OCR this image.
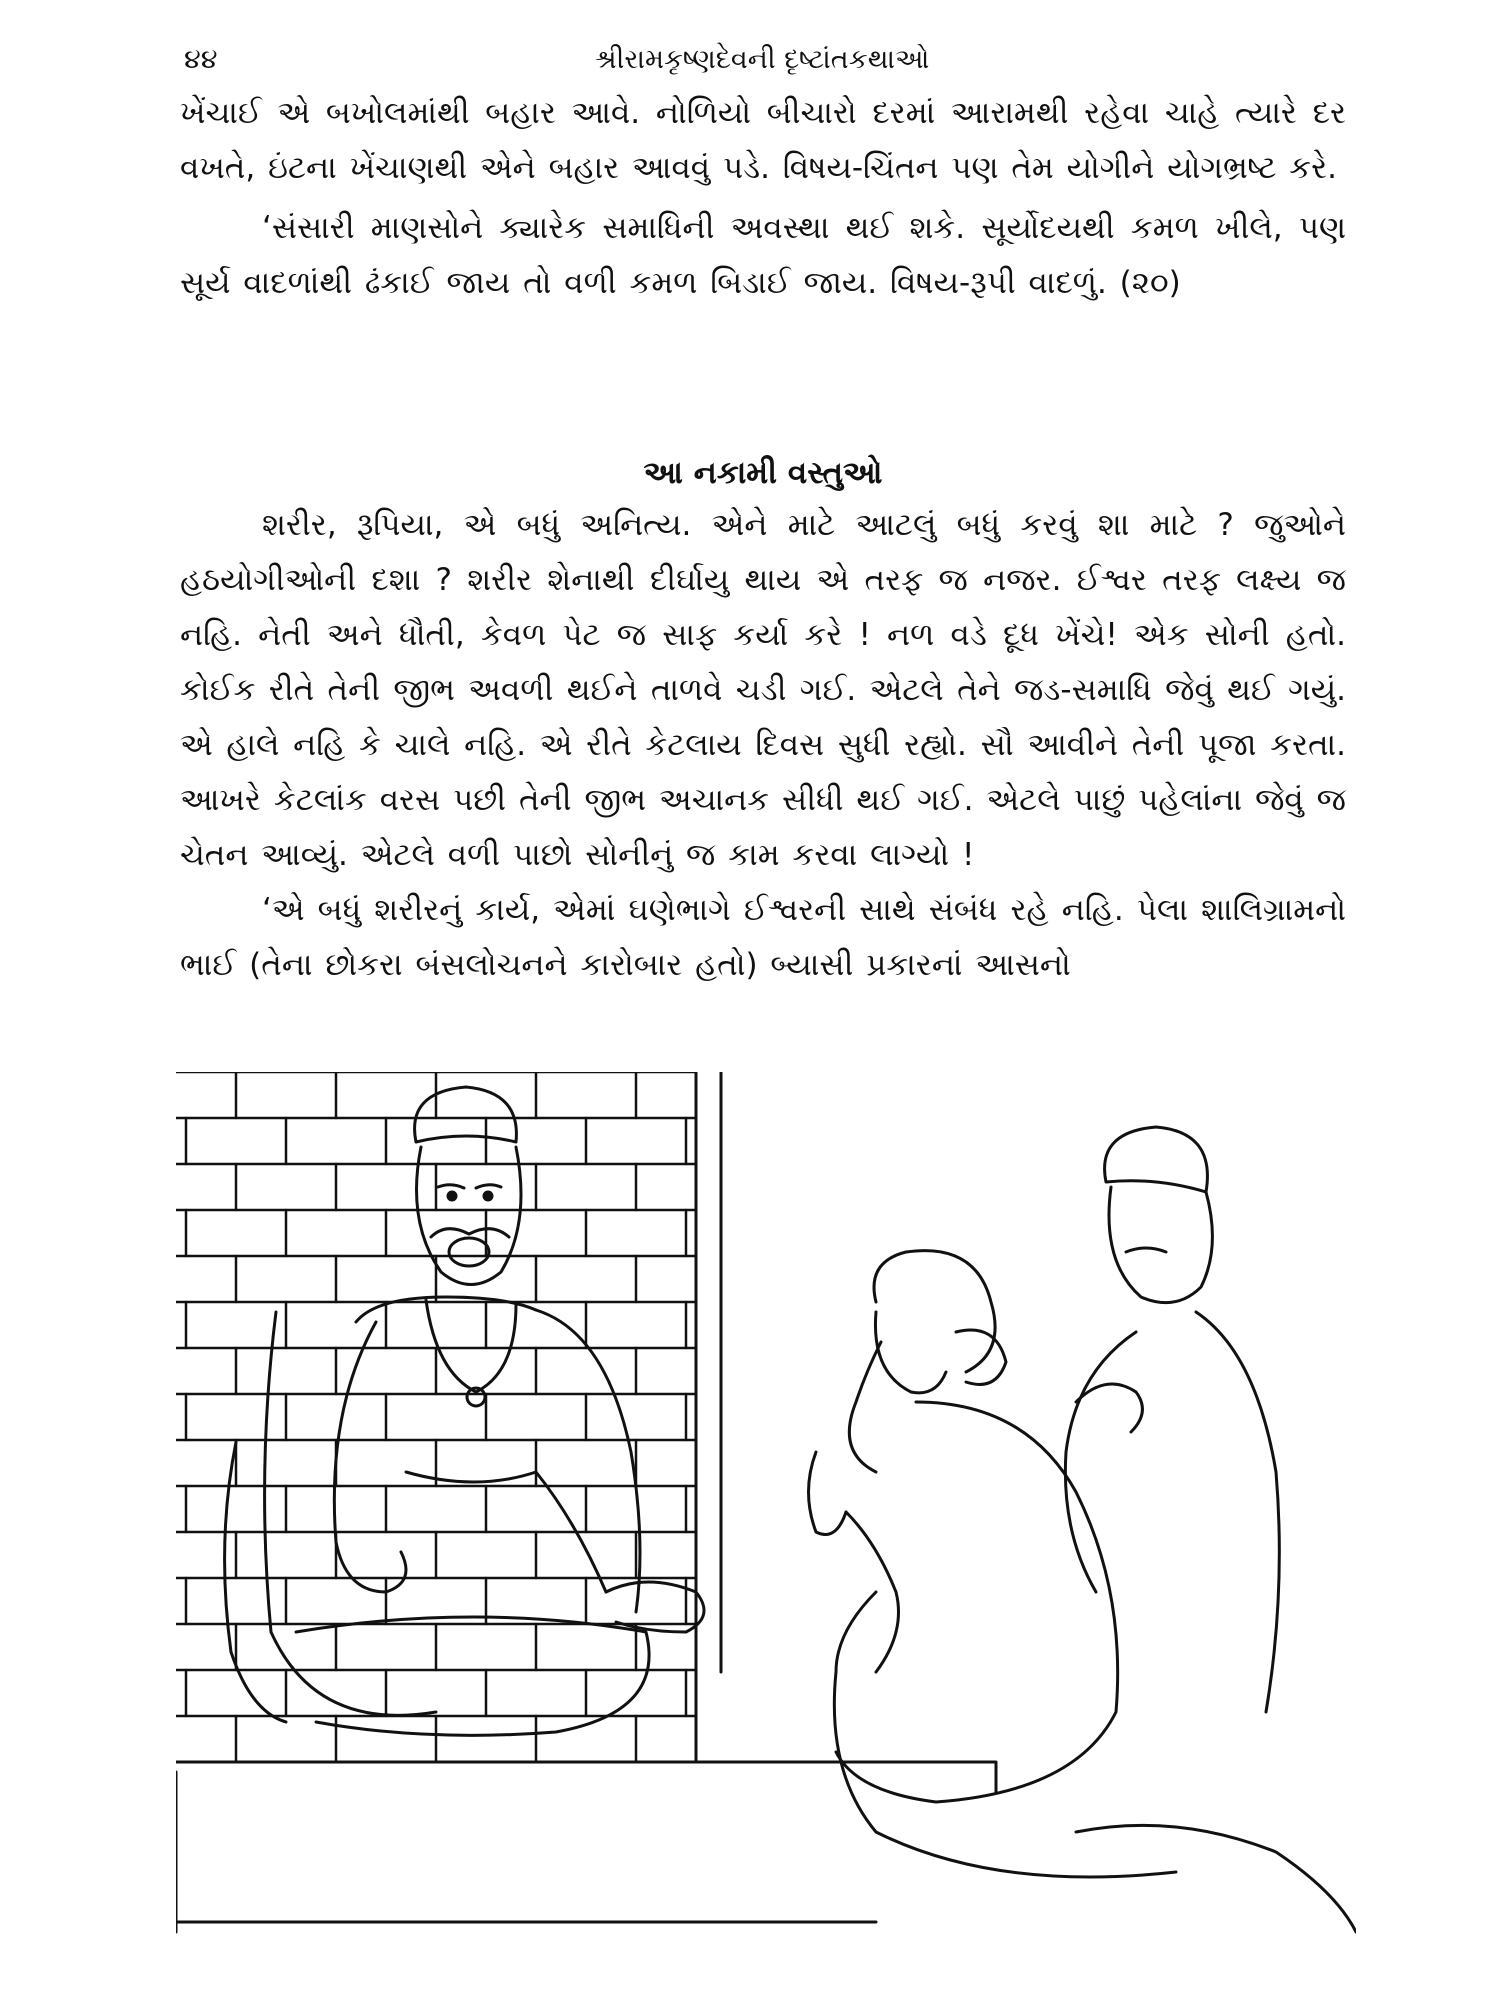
૪૪	શ્રીરામકૃષ્ણદેવની દૃષ્ટાંતકથાઓ

ખેંચાઈ એ બખોલમાંથી બહાર આવે. નોળિયો બીચારો દરમાં આરામથી રહેવા ચાહે ત્યારે દર વખતે, ઇંટના ખેંચાણથી એને બહાર આવવું પડે. વિષય-ચિંતન પણ તેમ યોગીને યોગભ્રષ્ટ કરે.

‘સંસારી માણસોને ક્યારેક સમાધિની અવસ્થા થઈ શકે. સૂર્યોદયથી કમળ ખીલે, પણ સૂર્ય વાદળાંથી ઢંકાઈ જાય તો વળી કમળ બિડાઈ જાય. વિષય-રૂપી વાદળું. (૨૦)

આ નકામી વસ્તુઓ

શરીર, રૂપિયા, એ બધું અનિત્ય. એને માટે આટલું બધું કરવું શા માટે ? જુઓને હઠયોગીઓની દશા ? શરીર શેનાથી દીર્ઘાયુ થાય એ તરફ જ નજર. ઈશ્વર તરફ લક્ષ્ય જ નહિ. નેતી અને ધૌતી, કેવળ પેટ જ સાફ કર્યા કરે ! નળ વડે દૂધ ખેંચે! એક સોની હતો. કોઈક રીતે તેની જીભ અવળી થઈને તાળવે ચડી ગઈ. એટલે તેને જડ-સમાધિ જેવું થઈ ગયું. એ હાલે નહિ કે ચાલે નહિ. એ રીતે કેટલાય દિવસ સુધી રહ્યો. સૌ આવીને તેની પૂજા કરતા. આખરે કેટલાંક વરસ પછી તેની જીભ અચાનક સીધી થઈ ગઈ. એટલે પાછું પહેલાંના જેવું જ ચેતન આવ્યું. એટલે વળી પાછો સોનીનું જ કામ કરવા લાગ્યો !

‘એ બધું શરીરનું કાર્ય, એમાં ઘણેભાગે ઈશ્વરની સાથે સંબંધ રહે નહિ. પેલા શાલિગ્રામનો ભાઈ (તેના છોકરા બંસલોચનને કારોબાર હતો) બ્યાસી પ્રકારનાં આસનો
